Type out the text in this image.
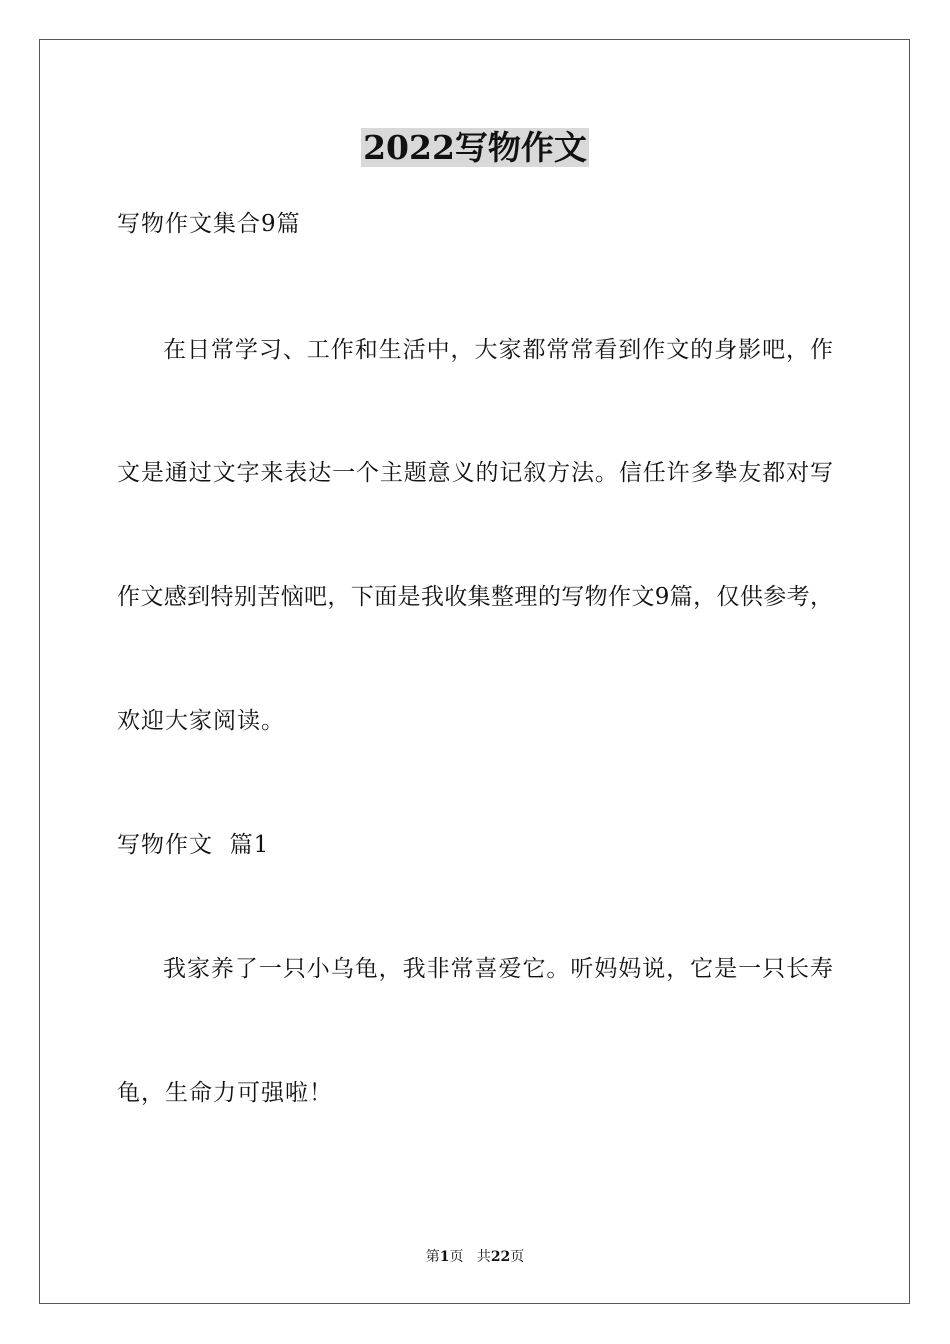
2022写物作文
写物作文集合9篇
在日常学习、工作和生活中，大家都常常看到作文的身影吧，作
文是通过文字来表达一个主题意义的记叙方法。信任许多挚友都对写
作文感到特别苦恼吧，下面是我收集整理的写物作文9篇，仅供参考，
欢迎大家阅读。
写物作文  篇1
我家养了一只小乌龟，我非常喜爱它。听妈妈说，它是一只长寿
龟，生命力可强啦！
第1页   共22页
